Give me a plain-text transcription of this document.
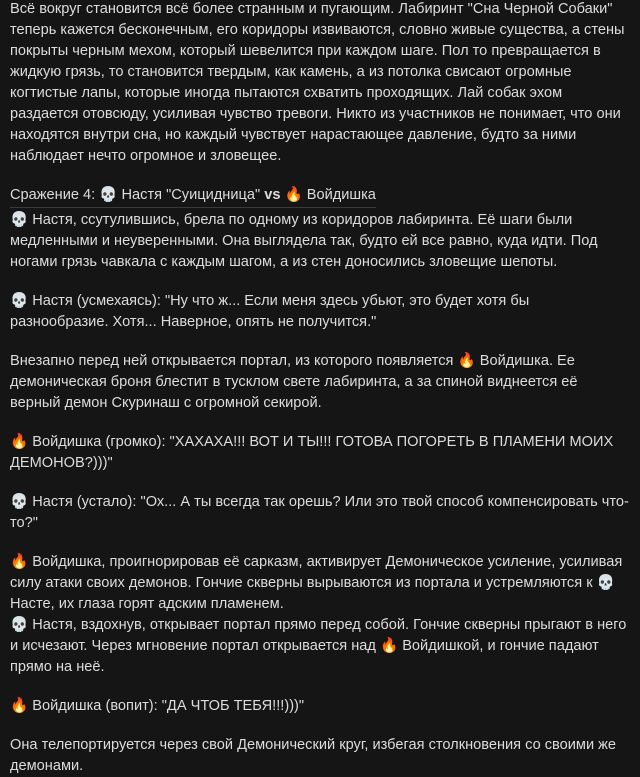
Всё вокруг становится всё более странным и пугающим. Лабиринт "Сна Черной Собаки" теперь кажется бесконечным, его коридоры извиваются, словно живые существа, а стены покрыты черным мехом, который шевелится при каждом шаге. Пол то превращается в жидкую грязь, то становится твердым, как камень, а из потолка свисают огромные когтистые лапы, которые иногда пытаются схватить проходящих. Лай собак эхом раздается отовсюду, усиливая чувство тревоги. Никто из участников не понимает, что они находятся внутри сна, но каждый чувствует нарастающее давление, будто за ними наблюдает нечто огромное и зловещее.

Сражение 4: 💀 Настя "Суицидница" vs 🔥 Войдишка

💀 Настя, ссутулившись, брела по одному из коридоров лабиринта. Её шаги были медленными и неуверенными. Она выглядела так, будто ей все равно, куда идти. Под ногами грязь чавкала с каждым шагом, а из стен доносились зловещие шепоты.

💀 Настя (усмехаясь): "Ну что ж... Если меня здесь убьют, это будет хотя бы разнообразие. Хотя... Наверное, опять не получится."

Внезапно перед ней открывается портал, из которого появляется 🔥 Войдишка. Ее демоническая броня блестит в тусклом свете лабиринта, а за спиной виднеется её верный демон Скуринаш с огромной секирой.

🔥 Войдишка (громко): "ХАХАХА!!! ВОТ И ТЫ!!! ГОТОВА ПОГОРЕТЬ В ПЛАМЕНИ МОИХ ДЕМОНОВ?)))"

💀 Настя (устало): "Ох... А ты всегда так орешь? Или это твой способ компенсировать что-то?"

🔥 Войдишка, проигнорировав её сарказм, активирует Демоническое усиление, усиливая силу атаки своих демонов. Гончие скверны вырываются из портала и устремляются к 💀 Насте, их глаза горят адским пламенем.

💀 Настя, вздохнув, открывает портал прямо перед собой. Гончие скверны прыгают в него и исчезают. Через мгновение портал открывается над 🔥 Войдишкой, и гончие падают прямо на неё.

🔥 Войдишка (вопит): "ДА ЧТОБ ТЕБЯ!!!)))"

Она телепортируется через свой Демонический круг, избегая столкновения со своими же демонами.
